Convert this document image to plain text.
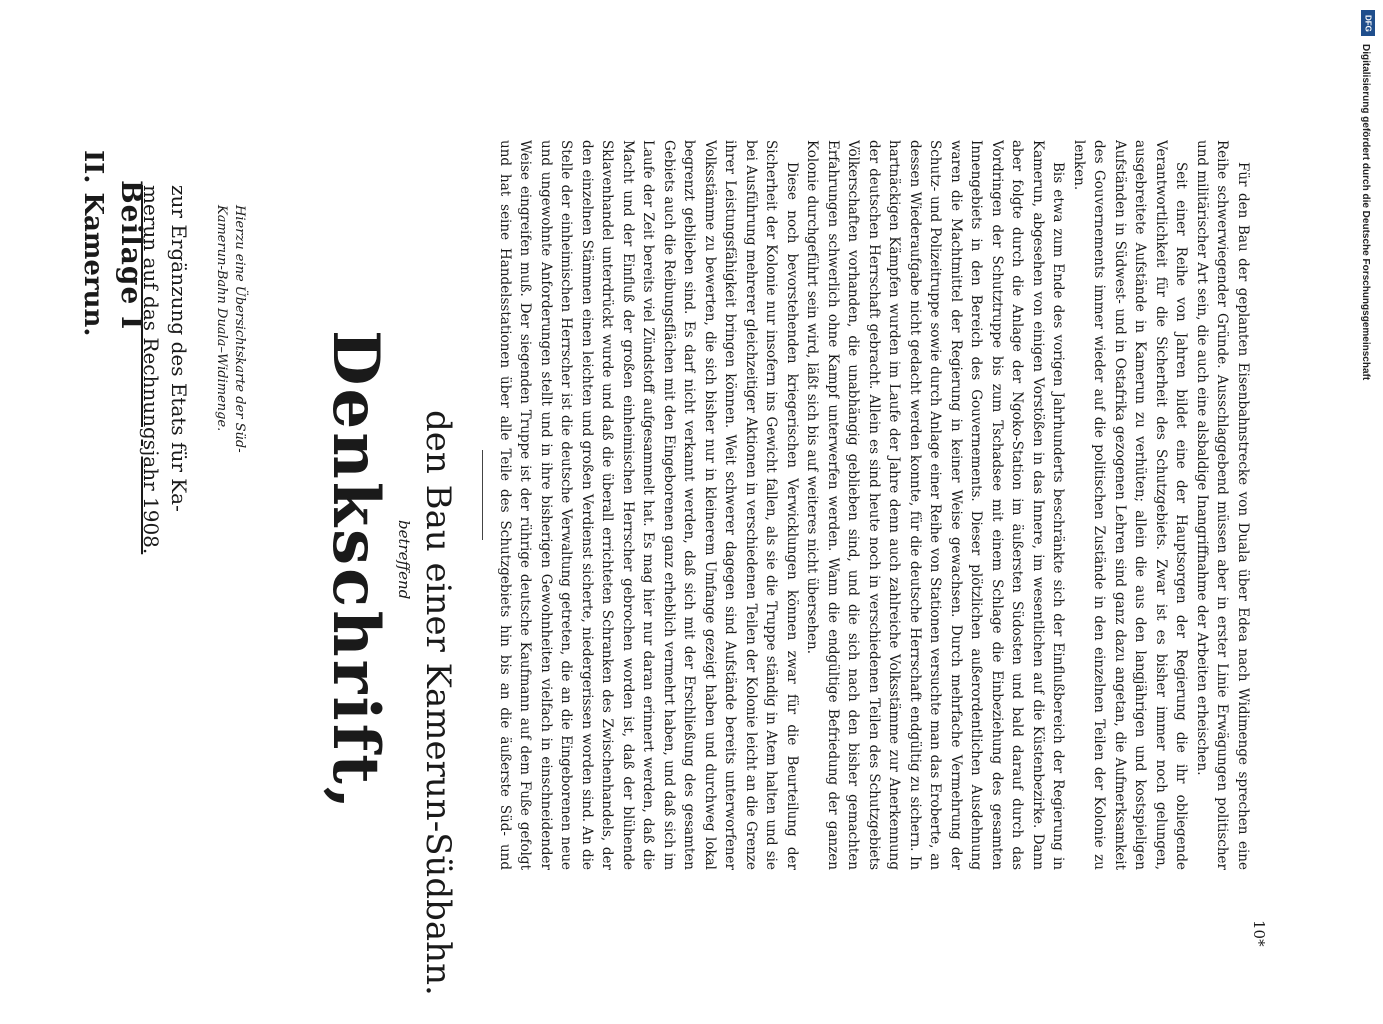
II. Kamerun. Beilage I zur Ergänzung des Etats für Ka-
merun auf das Rechnungsjahr 1908.	Hierzu eine Übersichtskarte der Süd-
Kamerun-Bahn Duala–Widimenge.
Denkschrift, betreffend den Bau einer Kamerun-Südbahn.	Für den Bau der geplanten Eisenbahnstrecke von Duala über Edea nach Widimenge sprechen eine Reihe schwerwiegender Gründe. Ausschlaggebend müssen aber in erster Linie Erwägungen politischer und militärischer Art sein, die auch eine alsbaldige Inangriffnahme der Arbeiten erheischen.

Seit einer Reihe von Jahren bildet eine der Hauptsorgen der Regierung die ihr obliegende Verantwortlichkeit für die Sicherheit des Schutzgebiets. Zwar ist es bisher immer noch gelungen, ausgebreitete Aufstände in Kamerun zu verhüten; allein die aus den langjährigen und kostspieligen Aufständen in Südwest- und in Ostafrika gezogenen Lehren sind ganz dazu angetan, die Aufmerksamkeit des Gouvernements immer wieder auf die politischen Zustände in den einzelnen Teilen der Kolonie zu lenken.

Bis etwa zum Ende des vorigen Jahrhunderts beschränkte sich der Einflußbereich der Regierung in Kamerun, abgesehen von einigen Vorstößen in das Innere, im wesentlichen auf die Küstenbezirke. Dann aber folgte durch die Anlage der Ngoko-Station im äußersten Südosten und bald darauf durch das Vordringen der Schutztruppe bis zum Tschadsee mit einem Schlage die Einbeziehung des gesamten Innengebiets in den Bereich des Gouvernements. Dieser plötzlichen außerordentlichen Ausdehnung waren die Machtmittel der Regierung in keiner Weise gewachsen. Durch mehrfache Vermehrung der Schutz- und Polizeitruppe sowie durch Anlage einer Reihe von Stationen versuchte man das Eroberte, an dessen Wiederaufgabe nicht gedacht werden konnte, für die deutsche Herrschaft endgültig zu sichern. In hartnäckigen Kämpfen wurden im Laufe der Jahre denn auch zahlreiche Volksstämme zur Anerkennung der deutschen Herrschaft gebracht. Allein es sind heute noch in verschiedenen Teilen des Schutzgebiets Völkerschaften vorhanden, die unabhängig geblieben sind, und die sich nach den bisher gemachten Erfahrungen schwerlich ohne Kampf unterwerfen werden. Wann die endgültige Befriedung der ganzen Kolonie durchgeführt sein wird, läßt sich bis auf weiteres nicht übersehen.

Diese noch bevorstehenden kriegerischen Verwicklungen können zwar für die Beurteilung der Sicherheit der Kolonie nur insofern ins Gewicht fallen, als sie die Truppe ständig in Atem halten und sie bei Ausführung mehrerer gleichzeitiger Aktionen in verschiedenen Teilen der Kolonie leicht an die Grenze ihrer Leistungsfähigkeit bringen können. Weit schwerer dagegen sind Aufstände bereits unterworfener Volksstämme zu bewerten, die sich bisher nur in kleinerem Umfange gezeigt haben und durchweg lokal begrenzt geblieben sind. Es darf nicht verkannt werden, daß sich mit der Erschließung des gesamten Gebiets auch die Reibungsflächen mit den Eingeborenen ganz erheblich vermehrt haben, und daß sich im Laufe der Zeit bereits viel Zündstoff aufgesammelt hat. Es mag hier nur daran erinnert werden, daß die Macht und der Einfluß der großen einheimischen Herrscher gebrochen worden ist, daß der blühende Sklavenhandel unterdrückt wurde und daß die überall errichteten Schranken des Zwischenhandels, der den einzelnen Stämmen einen leichten und großen Verdienst sicherte, niedergerissen worden sind. An die Stelle der einheimischen Herrscher ist die deutsche Verwaltung getreten, die an die Eingeborenen neue und ungewohnte Anforderungen stellt und in ihre bisherigen Gewohnheiten vielfach in einschneidender Weise eingreifen muß. Der siegenden Truppe ist der rührige deutsche Kaufmann auf dem Fuße gefolgt und hat seine Handelsstationen über alle Teile des Schutzgebiets hin bis an die äußerste Süd- und

10*
DFG
Digitalisierung gefördert durch die Deutsche Forschungsgemeinschaft
